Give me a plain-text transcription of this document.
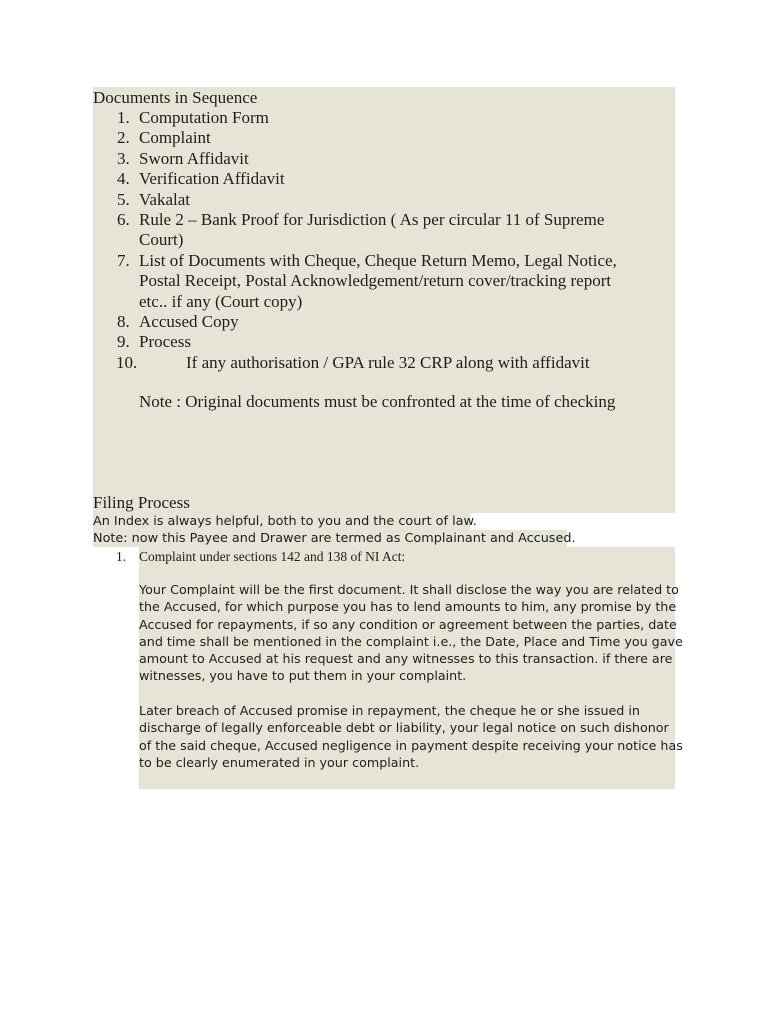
Documents in Sequence
1. Computation Form
2. Complaint
3. Sworn Affidavit
4. Verification Affidavit
5. Vakalat
6. Rule 2 – Bank Proof for Jurisdiction ( As per circular 11 of Supreme
Court)
7. List of Documents with Cheque, Cheque Return Memo, Legal Notice,
Postal Receipt, Postal Acknowledgement/return cover/tracking report
etc.. if any (Court copy)
8. Accused Copy
9. Process
10.	If any authorisation / GPA rule 32 CRP along with affidavit
Note : Original documents must be confronted at the time of checking
Filing Process
An Index is always helpful, both to you and the court of law.
Note: now this Payee and Drawer are termed as Complainant and Accused.
1. Complaint under sections 142 and 138 of NI Act:
Your Complaint will be the first document. It shall disclose the way you are related to
the Accused, for which purpose you has to lend amounts to him, any promise by the
Accused for repayments, if so any condition or agreement between the parties, date
and time shall be mentioned in the complaint i.e., the Date, Place and Time you gave
amount to Accused at his request and any witnesses to this transaction. if there are
witnesses, you have to put them in your complaint.
Later breach of Accused promise in repayment, the cheque he or she issued in
discharge of legally enforceable debt or liability, your legal notice on such dishonor
of the said cheque, Accused negligence in payment despite receiving your notice has
to be clearly enumerated in your complaint.
